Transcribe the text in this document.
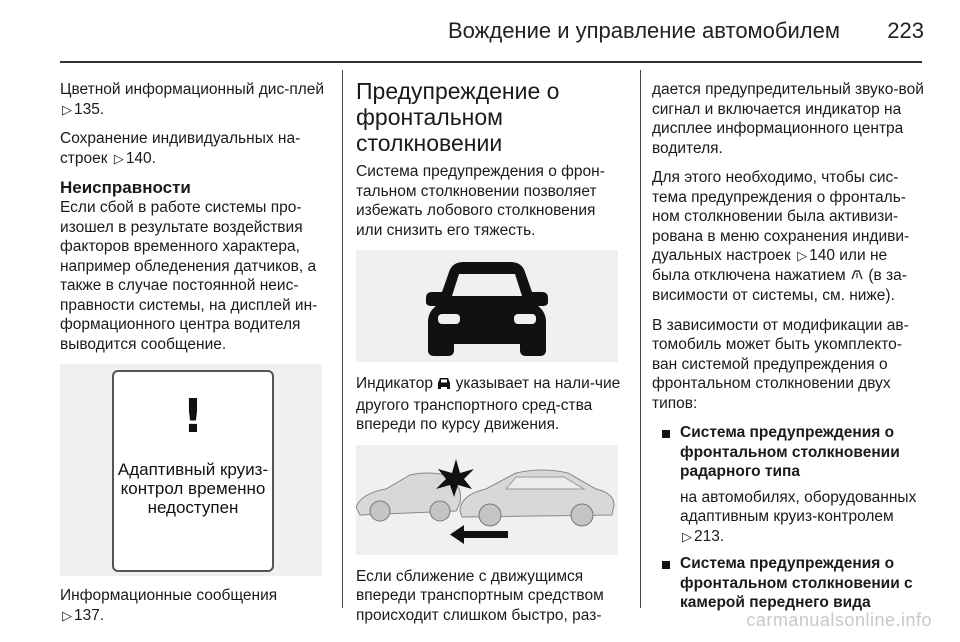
Вождение и управление автомобилем 223

Цветной информационный дис-плей ▷ 135.

Сохранение индивидуальных на-строек ▷ 140.

Неисправности

Если сбой в работе системы про-изошел в результате воздействия факторов временного характера, например обледенения датчиков, а также в случае постоянной неис-правности системы, на дисплей ин-формационного центра водителя выводится сообщение.

!
Адаптивный круиз-контрол временно недоступен

Информационные сообщения
▷ 137.

Предупреждение о фронтальном столкновении

Система предупреждения о фрон-тальном столкновении позволяет избежать лобового столкновения или снизить его тяжесть.

Индикатор указывает на нали-чие другого транспортного сред-ства впереди по курсу движения.

Если сближение с движущимся впереди транспортным средством происходит слишком быстро, раз-

дается предупредительный звуко-вой сигнал и включается индикатор на дисплее информационного центра водителя.

Для этого необходимо, чтобы сис-тема предупреждения о фронталь-ном столкновении была активизи-рована в меню сохранения индиви-дуальных настроек ▷ 140 или не была отключена нажатием (в за-висимости от системы, см. ниже).

В зависимости от модификации ав-томобиль может быть укомплекто-ван системой предупреждения о фронтальном столкновении двух типов:

Система предупреждения о фронтальном столкновении радарного типа
на автомобилях, оборудованных адаптивным круиз-контролем
▷ 213.
Система предупреждения о фронтальном столкновении с камерой переднего вида
carmanualsonline.info
